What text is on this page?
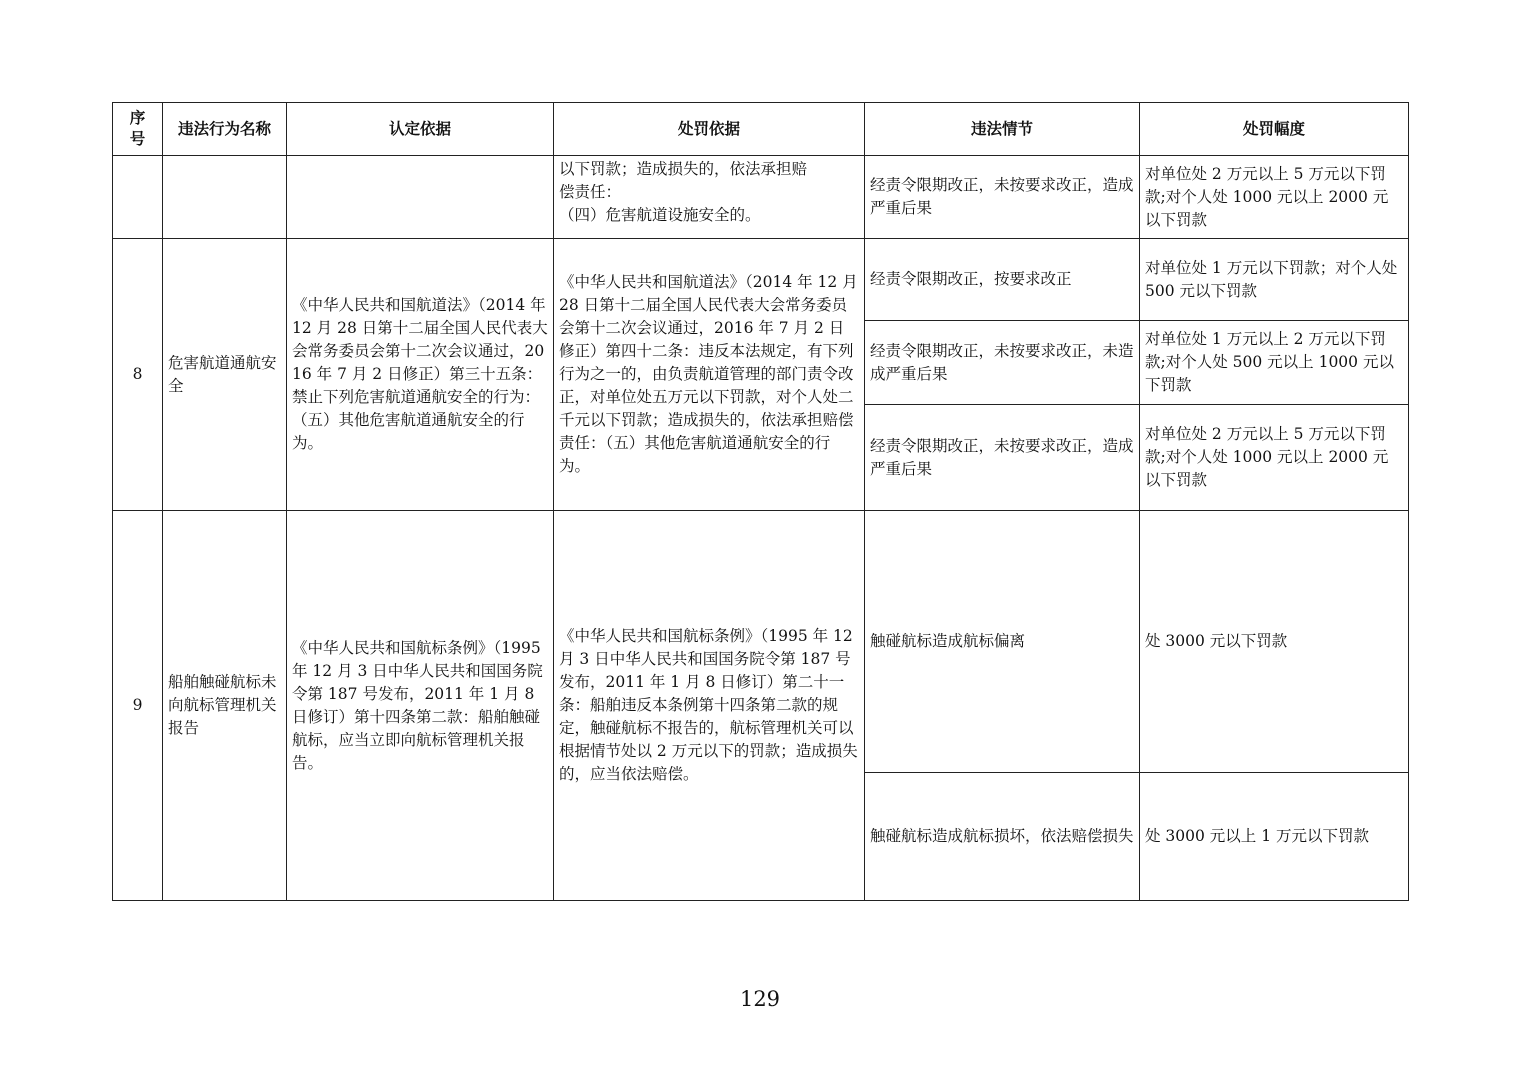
序
号	违法行为名称	认定依据	处罚依据	违法情节	处罚幅度

			以下罚款；造成损失的，依法承担赔
偿责任：
（四）危害航道设施安全的。	经责令限期改正，未按要求改正，造成严重后果	对单位处 2 万元以上 5 万元以下罚款;对个人处 1000 元以上 2000 元以下罚款
8	危害航道通航安全	《中华人民共和国航道法》（2014 年 12 月 28 日第十二届全国人民代表大会常务委员会第十二次会议通过，2016 年 7 月 2 日修正）第三十五条：禁止下列危害航道通航安全的行为：（五）其他危害航道通航安全的行为。	《中华人民共和国航道法》（2014 年 12 月 28 日第十二届全国人民代表大会常务委员会第十二次会议通过，2016 年 7 月 2 日修正）第四十二条：违反本法规定，有下列行为之一的，由负责航道管理的部门责令改正，对单位处五万元以下罚款，对个人处二千元以下罚款；造成损失的，依法承担赔偿责任：（五）其他危害航道通航安全的行为。	经责令限期改正，按要求改正	对单位处 1 万元以下罚款；对个人处 500 元以下罚款
				经责令限期改正，未按要求改正，未造成严重后果	对单位处 1 万元以上 2 万元以下罚款;对个人处 500 元以上 1000 元以下罚款
				经责令限期改正，未按要求改正，造成严重后果	对单位处 2 万元以上 5 万元以下罚款;对个人处 1000 元以上 2000 元以下罚款
9	船舶触碰航标未向航标管理机关报告	《中华人民共和国航标条例》（1995 年 12 月 3 日中华人民共和国国务院令第 187 号发布，2011 年 1 月 8 日修订）第十四条第二款：船舶触碰航标，应当立即向航标管理机关报告。	《中华人民共和国航标条例》（1995 年 12 月 3 日中华人民共和国国务院令第 187 号发布，2011 年 1 月 8 日修订）第二十一条：船舶违反本条例第十四条第二款的规定，触碰航标不报告的，航标管理机关可以根据情节处以 2 万元以下的罚款；造成损失的，应当依法赔偿。	触碰航标造成航标偏离	处 3000 元以下罚款
				触碰航标造成航标损坏，依法赔偿损失	处 3000 元以上 1 万元以下罚款
129
